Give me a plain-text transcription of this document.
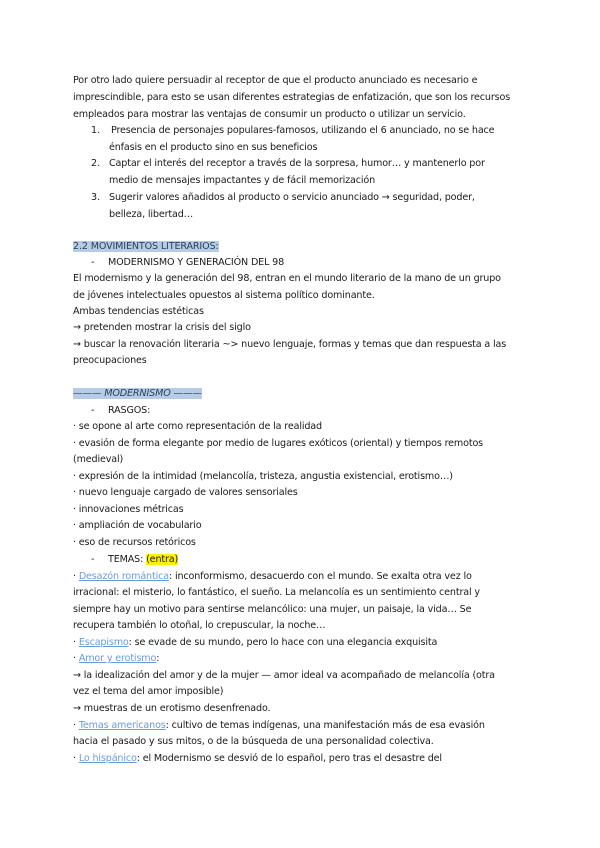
Por otro lado quiere persuadir al receptor de que el producto anunciado es necesario e
imprescindible, para esto se usan diferentes estrategias de enfatización, que son los recursos
empleados para mostrar las ventajas de consumir un producto o utilizar un servicio.
1. Presencia de personajes populares-famosos, utilizando el 6 anunciado, no se hace
énfasis en el producto sino en sus beneficios
2. Captar el interés del receptor a través de la sorpresa, humor… y mantenerlo por
medio de mensajes impactantes y de fácil memorización
3. Sugerir valores añadidos al producto o servicio anunciado → seguridad, poder,
belleza, libertad…
2.2 MOVIMIENTOS LITERARIOS:
- MODERNISMO Y GENERACIÓN DEL 98
El modernismo y la generación del 98, entran en el mundo literario de la mano de un grupo
de jóvenes intelectuales opuestos al sistema político dominante.
Ambas tendencias estéticas
→ pretenden mostrar la crisis del siglo
→ buscar la renovación literaria ~> nuevo lenguaje, formas y temas que dan respuesta a las
preocupaciones
——— MODERNISMO ———
- RASGOS:
· se opone al arte como representación de la realidad
· evasión de forma elegante por medio de lugares exóticos (oriental) y tiempos remotos
(medieval)
· expresión de la intimidad (melancolía, tristeza, angustia existencial, erotismo…)
· nuevo lenguaje cargado de valores sensoriales
· innovaciones métricas
· ampliación de vocabulario
· eso de recursos retóricos
- TEMAS: (entra)
· Desazón romántica: inconformismo, desacuerdo con el mundo. Se exalta otra vez lo
irracional: el misterio, lo fantástico, el sueño. La melancolía es un sentimiento central y
siempre hay un motivo para sentirse melancólico: una mujer, un paisaje, la vida… Se
recupera también lo otoñal, lo crepuscular, la noche…
· Escapismo: se evade de su mundo, pero lo hace con una elegancia exquisita
· Amor y erotismo:
→ la idealización del amor y de la mujer — amor ideal va acompañado de melancolía (otra
vez el tema del amor imposible)
→ muestras de un erotismo desenfrenado.
· Temas americanos: cultivo de temas indígenas, una manifestación más de esa evasión
hacia el pasado y sus mitos, o de la búsqueda de una personalidad colectiva.
· Lo hispánico: el Modernismo se desvió de lo español, pero tras el desastre del
